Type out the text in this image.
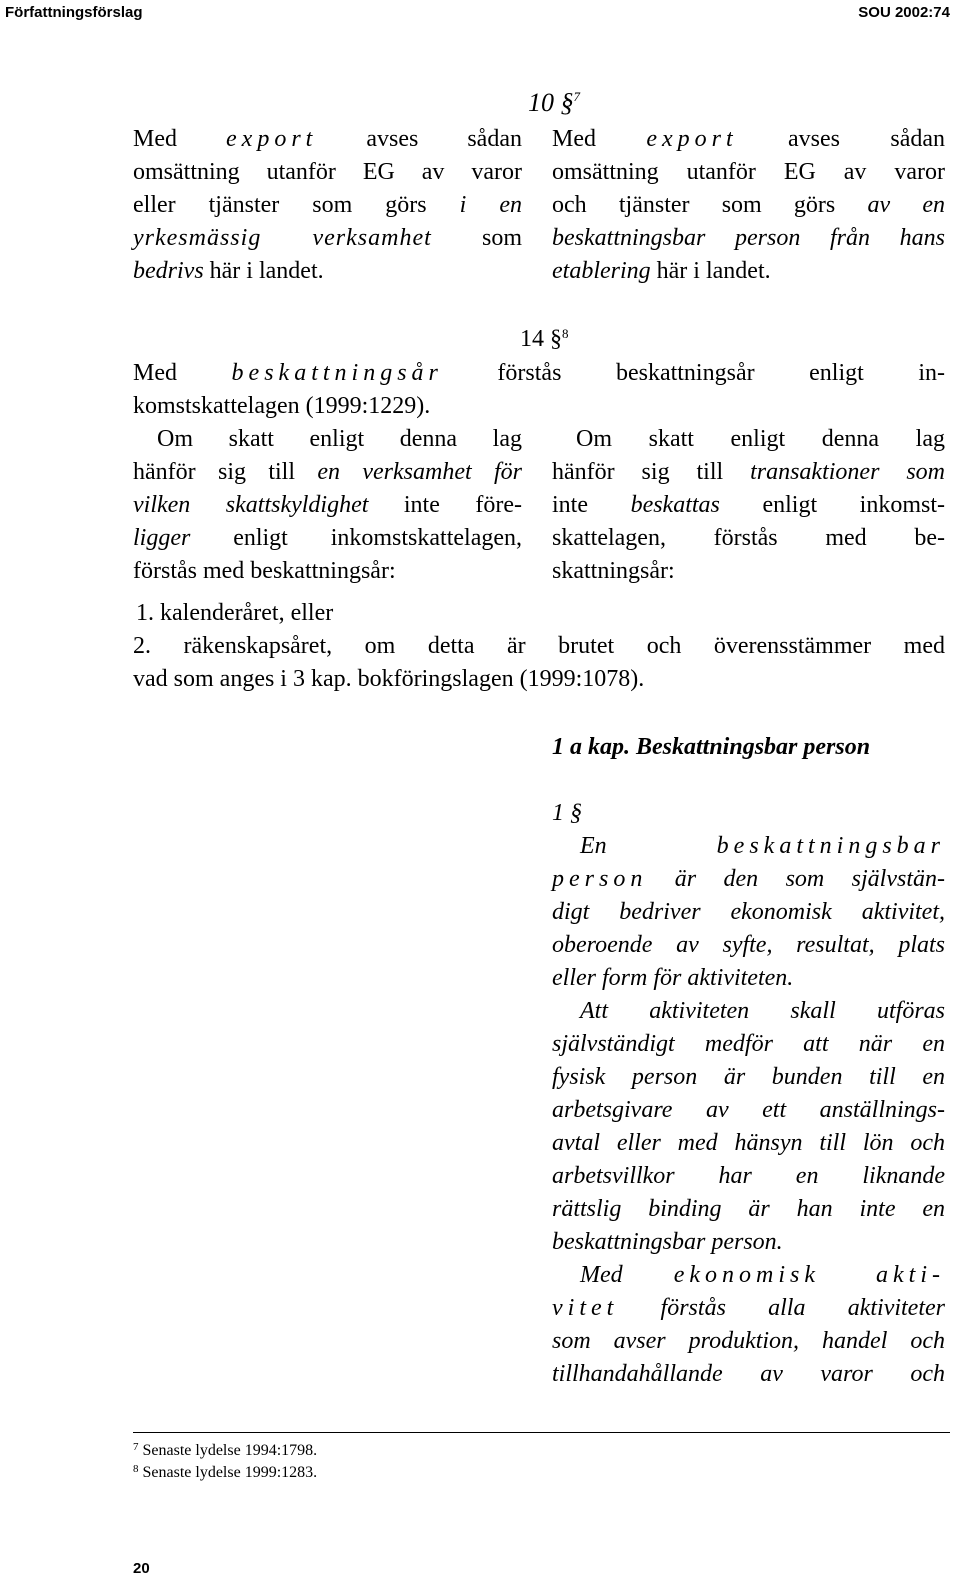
Författningsförslag	SOU 2002:74
10 §$^7$
Med export avses sådan
omsättning utanför EG av varor
eller tjänster som görs i en
yrkesmässig verksamhet som
bedrivs här i landet.
Med export avses sådan
omsättning utanför EG av varor
och tjänster som görs av en
beskattningsbar person från hans
etablering här i landet.
14 §$^8$
Med beskattningsår förstås beskattningsår enligt in-
komstskattelagen (1999:1229).
Om skatt enligt denna lag
hänför sig till en verksamhet för
vilken skattskyldighet inte före-
ligger enligt inkomstskattelagen,
förstås med beskattningsår:
Om skatt enligt denna lag
hänför sig till transaktioner som
inte beskattas enligt inkomst-
skattelagen, förstås med be-
skattningsår:
1. kalenderåret, eller
2. räkenskapsåret, om detta är brutet och överensstämmer med
vad som anges i 3 kap. bokföringslagen (1999:1078).
1 a kap. Beskattningsbar person
1 §
En	beskattningsbar
person är den som självstän-
digt bedriver ekonomisk aktivitet,
oberoende av syfte, resultat, plats
eller form för aktiviteten.
Att aktiviteten skall utföras
självständigt medför att när en
fysisk person är bunden till en
arbetsgivare av ett anställnings-
avtal eller med hänsyn till lön och
arbetsvillkor har en liknande
rättslig binding är han inte en
beskattningsbar person.
Med ekonomisk akti-
vitet förstås alla aktiviteter
som avser produktion, handel och
tillhandahållande av varor och
$^7$ Senaste lydelse 1994:1798.
$^8$ Senaste lydelse 1999:1283.
20
